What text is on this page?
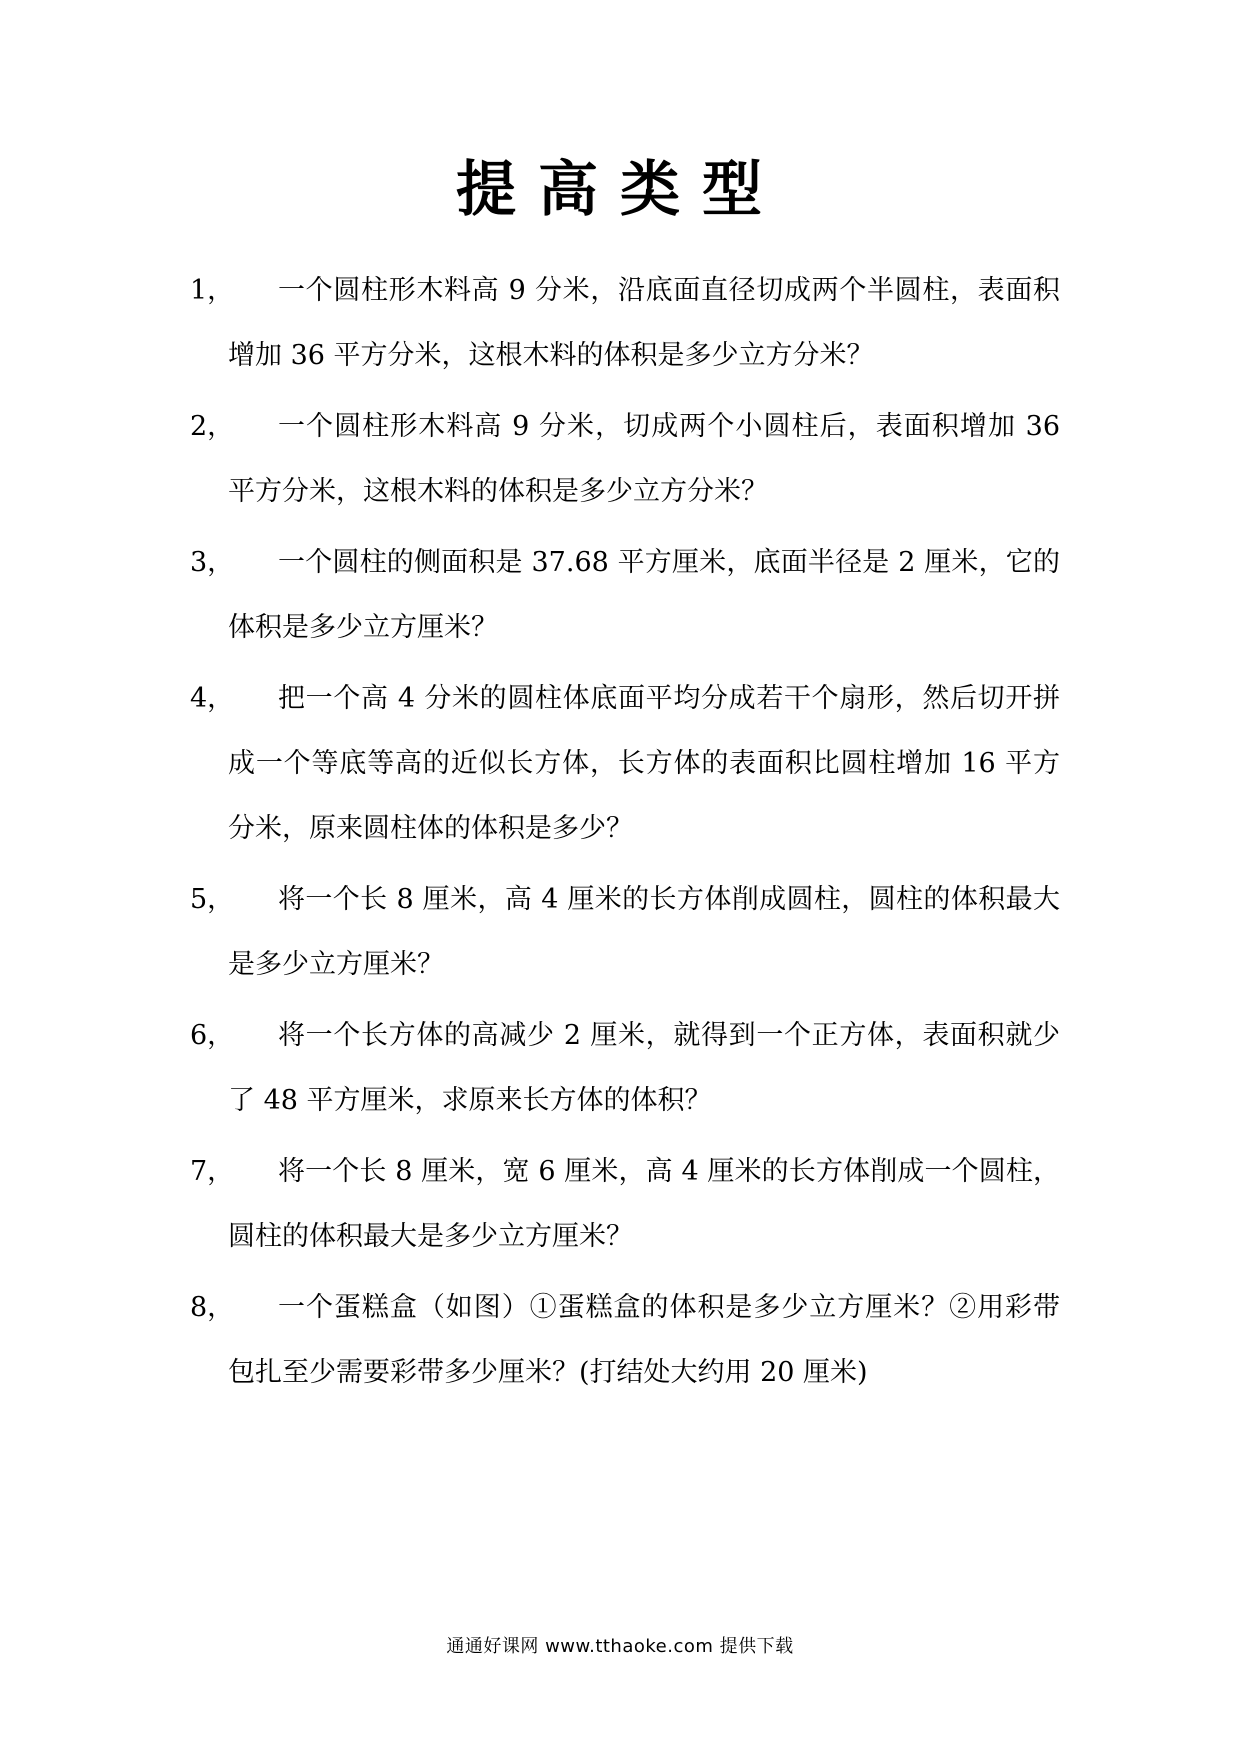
提高类型
1，	一个圆柱形木料高 9 分米，沿底面直径切成两个半圆柱，表面积增加 36 平方分米，这根木料的体积是多少立方分米？
2，	一个圆柱形木料高 9 分米，切成两个小圆柱后，表面积增加 36 平方分米，这根木料的体积是多少立方分米？
3，	一个圆柱的侧面积是 37.68 平方厘米，底面半径是 2 厘米，它的体积是多少立方厘米？
4，	把一个高 4 分米的圆柱体底面平均分成若干个扇形，然后切开拼成一个等底等高的近似长方体，长方体的表面积比圆柱增加 16 平方分米，原来圆柱体的体积是多少？
5，	将一个长 8 厘米，高 4 厘米的长方体削成圆柱，圆柱的体积最大是多少立方厘米？
6，	将一个长方体的高减少 2 厘米，就得到一个正方体，表面积就少了 48 平方厘米，求原来长方体的体积？
7，	将一个长 8 厘米，宽 6 厘米，高 4 厘米的长方体削成一个圆柱，圆柱的体积最大是多少立方厘米？
8，	一个蛋糕盒（如图）①蛋糕盒的体积是多少立方厘米？②用彩带包扎至少需要彩带多少厘米？(打结处大约用 20 厘米)
通通好课网 www.tthaoke.com 提供下载
